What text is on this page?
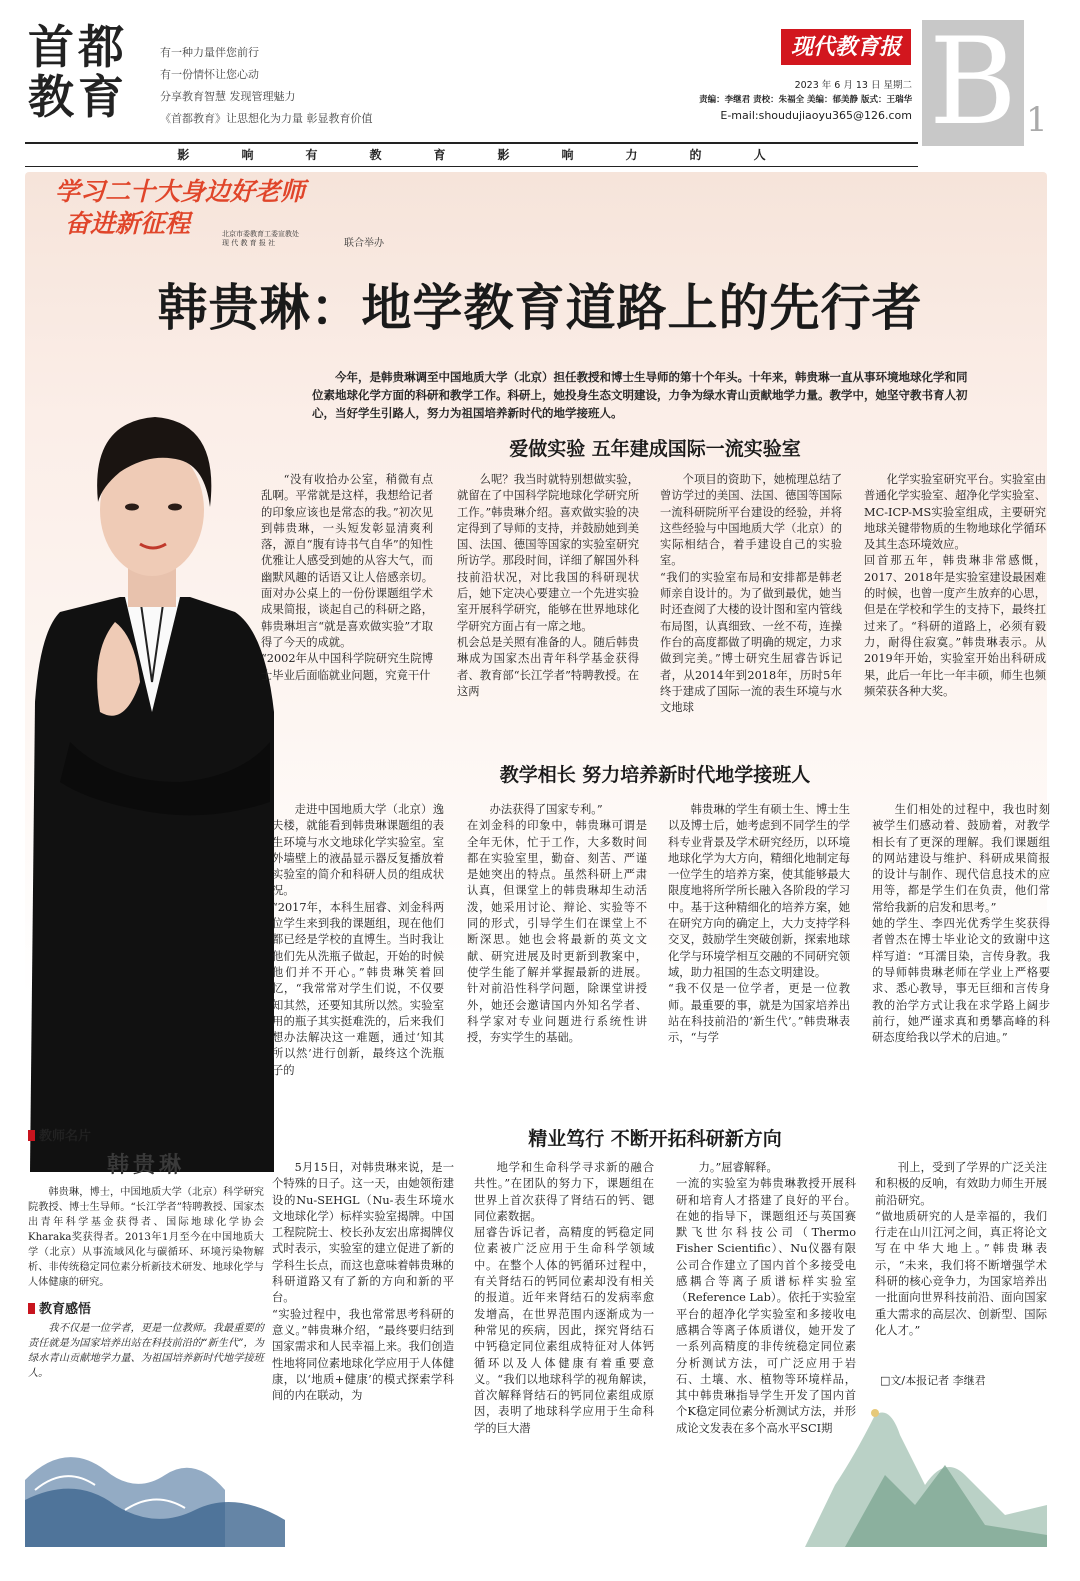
首都教育
有一种力量伴您前行
有一份情怀让您心动
分享教育智慧 发现管理魅力
《首都教育》让思想化为力量 彰显教育价值
现代教育报
2023 年 6 月 13 日 星期二
责编：李继君 责校：朱福全 美编：郁美静 版式：王瑞华
E-mail:shoudujiaoyu365@126.com B 1
影	响	有	教	育	影	响	力	的	人
学习二十大身边好老师
奋进新征程	北京市委教育工委宣教处
现 代 教 育 报 社	联合举办
韩贵琳：地学教育道路上的先行者
今年，是韩贵琳调至中国地质大学（北京）担任教授和博士生导师的第十个年头。十年来，韩贵琳一直从事环境地球化学和同位素地球化学方面的科研和教学工作。科研上，她投身生态文明建设，力争为绿水青山贡献地学力量。教学中，她坚守教书育人初心，当好学生引路人，努力为祖国培养新时代的地学接班人。
爱做实验 五年建成国际一流实验室
“没有收拾办公室，稍微有点乱啊。平常就是这样，我想给记者的印象应该也是常态的我。”初次见到韩贵琳，一头短发彰显清爽利落，源自“腹有诗书气自华”的知性优雅让人感受到她的从容大气，而幽默风趣的话语又让人倍感亲切。面对办公桌上的一份份课题组学术成果简报，谈起自己的科研之路，韩贵琳坦言“就是喜欢做实验”才取得了今天的成就。
“2002年从中国科学院研究生院博士毕业后面临就业问题，究竟干什
么呢？我当时就特别想做实验，就留在了中国科学院地球化学研究所工作。”韩贵琳介绍。喜欢做实验的决定得到了导师的支持，并鼓励她到美国、法国、德国等国家的实验室研究所访学。那段时间，详细了解国外科技前沿状况，对比我国的科研现状后，她下定决心要建立一个先进实验室开展科学研究，能够在世界地球化学研究方面占有一席之地。
机会总是关照有准备的人。随后韩贵琳成为国家杰出青年科学基金获得者、教育部“长江学者”特聘教授。在这两
个项目的资助下，她梳理总结了曾访学过的美国、法国、德国等国际一流科研院所平台建设的经验，并将这些经验与中国地质大学（北京）的实际相结合，着手建设自己的实验室。
“我们的实验室布局和安排都是韩老师亲自设计的。为了做到最优，她当时还查阅了大楼的设计图和室内管线布局图，认真细致、一丝不苟，连操作台的高度都做了明确的规定，力求做到完美。”博士研究生屈睿告诉记者，从2014年到2018年，历时5年终于建成了国际一流的表生环境与水文地球
化学实验室研究平台。实验室由普通化学实验室、超净化学实验室、MC-ICP-MS实验室组成，主要研究地球关键带物质的生物地球化学循环及其生态环境效应。
回首那五年，韩贵琳非常感慨，2017、2018年是实验室建设最困难的时候，也曾一度产生放弃的心思，但是在学校和学生的支持下，最终扛过来了。“科研的道路上，必须有毅力，耐得住寂寞。”韩贵琳表示。从2019年开始，实验室开始出科研成果，此后一年比一年丰硕，师生也频频荣获各种大奖。
教学相长 努力培养新时代地学接班人
走进中国地质大学（北京）逸夫楼，就能看到韩贵琳课题组的表生环境与水文地球化学实验室。室外墙壁上的液晶显示器反复播放着实验室的简介和科研人员的组成状况。
“2017年，本科生屈睿、刘金科两位学生来到我的课题组，现在他们都已经是学校的直博生。当时我让他们先从洗瓶子做起，开始的时候他们并不开心。”韩贵琳笑着回忆，“我常常对学生们说，不仅要知其然，还要知其所以然。实验室用的瓶子其实挺难洗的，后来我们想办法解决这一难题，通过‘知其所以然’进行创新，最终这个洗瓶子的
办法获得了国家专利。”
在刘金科的印象中，韩贵琳可谓是全年无休，忙于工作，大多数时间都在实验室里，勤奋、刻苦、严谨是她突出的特点。虽然科研上严肃认真，但课堂上的韩贵琳却生动活泼，她采用讨论、辩论、实验等不同的形式，引导学生们在课堂上不断深思。她也会将最新的英文文献、研究进展及时更新到教案中，使学生能了解并掌握最新的进展。针对前沿性科学问题，除课堂讲授外，她还会邀请国内外知名学者、科学家对专业问题进行系统性讲授，夯实学生的基础。
韩贵琳的学生有硕士生、博士生以及博士后，她考虑到不同学生的学科专业背景及学术研究经历，以环境地球化学为大方向，精细化地制定每一位学生的培养方案，使其能够最大限度地将所学所长融入各阶段的学习中。基于这种精细化的培养方案，她在研究方向的确定上，大力支持学科交叉，鼓励学生突破创新，探索地球化学与环境学相互交融的不同研究领域，助力祖国的生态文明建设。
“我不仅是一位学者，更是一位教师。最重要的事，就是为国家培养出站在科技前沿的‘新生代’。”韩贵琳表示，“与学
生们相处的过程中，我也时刻被学生们感动着、鼓励着，对教学相长有了更深的理解。我们课题组的网站建设与维护、科研成果简报的设计与制作、现代信息技术的应用等，都是学生们在负责，他们常常给我新的启发和思考。”
她的学生、李四光优秀学生奖获得者曾杰在博士毕业论文的致谢中这样写道：“耳濡目染，言传身教。我的导师韩贵琳老师在学业上严格要求、悉心教导，事无巨细和言传身教的治学方式让我在求学路上阔步前行，她严谨求真和勇攀高峰的科研态度给我以学术的启迪。”
精业笃行 不断开拓科研新方向
5月15日，对韩贵琳来说，是一个特殊的日子。这一天，由她领衔建设的Nu-SEHGL（Nu-表生环境水文地球化学）标样实验室揭牌。中国工程院院士、校长孙友宏出席揭牌仪式时表示，实验室的建立促进了新的学科生长点，而这也意味着韩贵琳的科研道路又有了新的方向和新的平台。
“实验过程中，我也常常思考科研的意义。”韩贵琳介绍，“最终要归结到国家需求和人民幸福上来。我们创造性地将同位素地球化学应用于人体健康，以‘地质+健康’的模式探索学科间的内在联动，为
地学和生命科学寻求新的融合共性。”在团队的努力下，课题组在世界上首次获得了肾结石的钙、锶同位素数据。
屈睿告诉记者，高精度的钙稳定同位素被广泛应用于生命科学领域中。在整个人体的钙循环过程中，有关肾结石的钙同位素却没有相关的报道。近年来肾结石的发病率愈发增高，在世界范围内逐渐成为一种常见的疾病，因此，探究肾结石中钙稳定同位素组成特征对人体钙循环以及人体健康有着重要意义。“我们以地球科学的视角解读，首次解释肾结石的钙同位素组成原因，表明了地球科学应用于生命科学的巨大潜
力。”屈睿解释。
一流的实验室为韩贵琳教授开展科研和培育人才搭建了良好的平台。在她的指导下，课题组还与英国赛默飞世尔科技公司（Thermo Fisher Scientific）、Nu仪器有限公司合作建立了国内首个多接受电感耦合等离子质谱标样实验室（Reference Lab）。依托于实验室平台的超净化学实验室和多接收电感耦合等离子体质谱仪，她开发了一系列高精度的非传统稳定同位素分析测试方法，可广泛应用于岩石、土壤、水、植物等环境样品，其中韩贵琳指导学生开发了国内首个K稳定同位素分析测试方法，并形成论文发表在多个高水平SCI期
刊上，受到了学界的广泛关注和积极的反响，有效助力师生开展前沿研究。
“做地质研究的人是幸福的，我们行走在山川江河之间，真正将论文写在中华大地上。”韩贵琳表示，“未来，我们将不断增强学术科研的核心竞争力，为国家培养出一批面向世界科技前沿、面向国家重大需求的高层次、创新型、国际化人才。”
□文/本报记者 李继君
教师名片
韩贵琳
韩贵琳，博士，中国地质大学（北京）科学研究院教授、博士生导师。“长江学者”特聘教授、国家杰出青年科学基金获得者、国际地球化学协会Kharaka奖获得者。2013年1月至今在中国地质大学（北京）从事流域风化与碳循环、环境污染物解析、非传统稳定同位素分析新技术研发、地球化学与人体健康的研究。
教育感悟
我不仅是一位学者，更是一位教师。我最重要的责任就是为国家培养出站在科技前沿的“新生代”，为绿水青山贡献地学力量、为祖国培养新时代地学接班人。
